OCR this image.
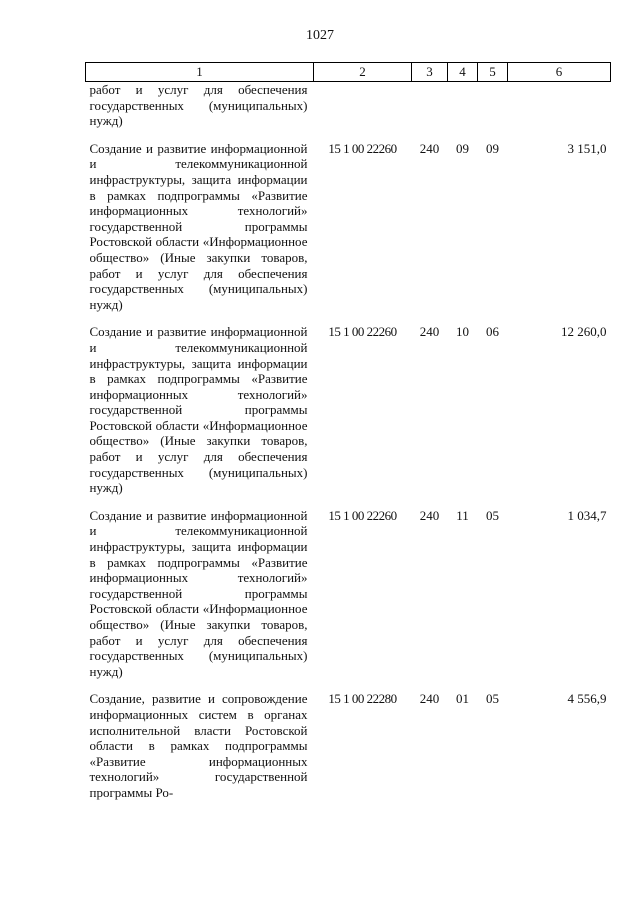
1027
1	2	3	4	5	6
работ и услуг для обеспечения государственных (муниципальных) нужд)					
Создание и развитие информационной и телекоммуникационной инфраструктуры, защита информации в рамках подпрограммы «Развитие информационных технологий» государственной программы Ростовской области «Информационное общество» (Иные закупки товаров, работ и услуг для обеспечения государственных (муниципальных) нужд)	15 1 00 22260	240	09	09	3 151,0
Создание и развитие информационной и телекоммуникационной инфраструктуры, защита информации в рамках подпрограммы «Развитие информационных технологий» государственной программы Ростовской области «Информационное общество» (Иные закупки товаров, работ и услуг для обеспечения государственных (муниципальных) нужд)	15 1 00 22260	240	10	06	12 260,0
Создание и развитие информационной и телекоммуникационной инфраструктуры, защита информации в рамках подпрограммы «Развитие информационных технологий» государственной программы Ростовской области «Информационное общество» (Иные закупки товаров, работ и услуг для обеспечения государственных (муниципальных) нужд)	15 1 00 22260	240	11	05	1 034,7
Создание, развитие и сопровождение информационных систем в органах исполнительной власти Ростовской области в рамках подпрограммы «Развитие информационных технологий» государственной программы Ро-	15 1 00 22280	240	01	05	4 556,9
